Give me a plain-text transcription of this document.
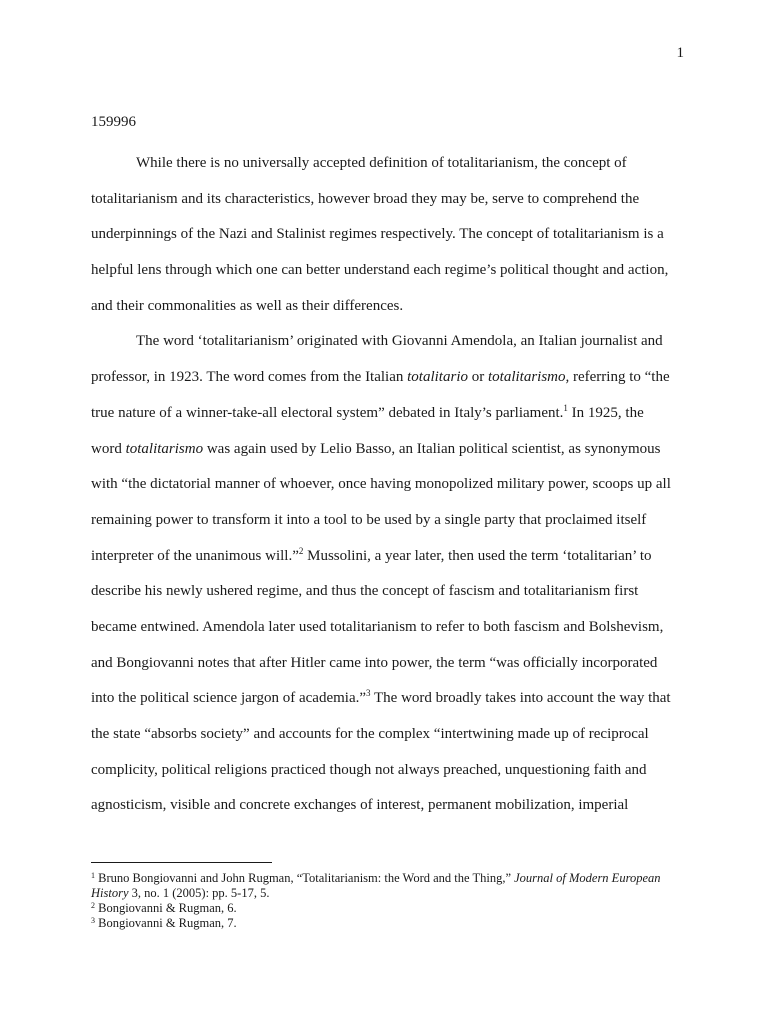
1
159996
While there is no universally accepted definition of totalitarianism, the concept of
totalitarianism and its characteristics, however broad they may be, serve to comprehend the
underpinnings of the Nazi and Stalinist regimes respectively. The concept of totalitarianism is a
helpful lens through which one can better understand each regime’s political thought and action,
and their commonalities as well as their differences.
The word ‘totalitarianism’ originated with Giovanni Amendola, an Italian journalist and
professor, in 1923. The word comes from the Italian totalitario or totalitarismo, referring to “the
true nature of a winner-take-all electoral system” debated in Italy’s parliament.$^1$ In 1925, the
word totalitarismo was again used by Lelio Basso, an Italian political scientist, as synonymous
with “the dictatorial manner of whoever, once having monopolized military power, scoops up all
remaining power to transform it into a tool to be used by a single party that proclaimed itself
interpreter of the unanimous will.”$^2$ Mussolini, a year later, then used the term ‘totalitarian’ to
describe his newly ushered regime, and thus the concept of fascism and totalitarianism first
became entwined. Amendola later used totalitarianism to refer to both fascism and Bolshevism,
and Bongiovanni notes that after Hitler came into power, the term “was officially incorporated
into the political science jargon of academia.”$^3$ The word broadly takes into account the way that
the state “absorbs society” and accounts for the complex “intertwining made up of reciprocal
complicity, political religions practiced though not always preached, unquestioning faith and
agnosticism, visible and concrete exchanges of interest, permanent mobilization, imperial
$^1$ Bruno Bongiovanni and John Rugman, “Totalitarianism: the Word and the Thing,” Journal of Modern European
History 3, no. 1 (2005): pp. 5-17, 5.
$^2$ Bongiovanni & Rugman, 6.
$^3$ Bongiovanni & Rugman, 7.
